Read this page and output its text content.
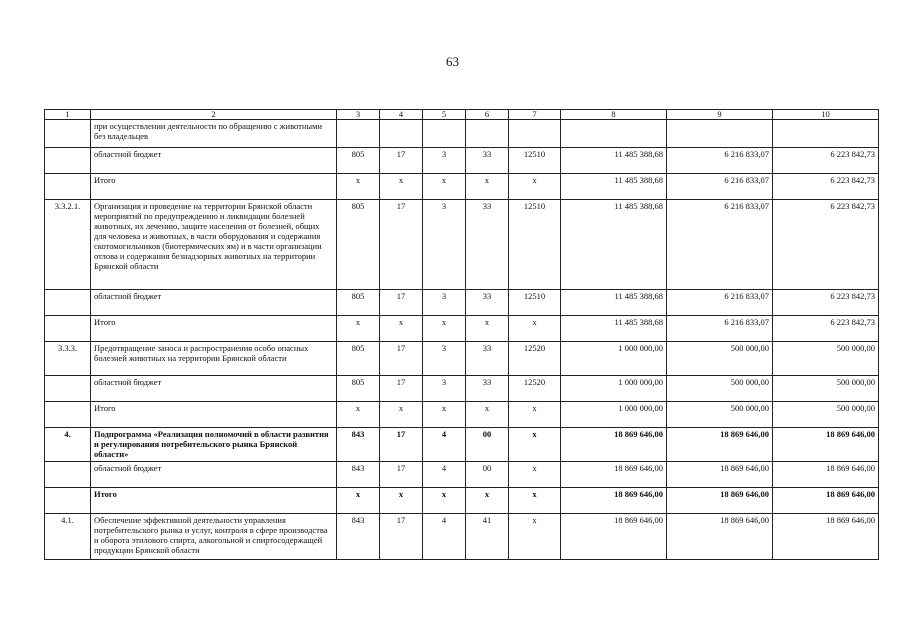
63
1	2	3	4	5	6	7	8	9	10
	при осуществлении деятельности по обращению с животными без владельцев								
	областной бюджет	805	17	3	33	12510	11 485 388,68	6 216 833,07	6 223 842,73
	Итого	х	х	х	х	х	11 485 388,68	6 216 833,07	6 223 842,73
3.3.2.1.	Организация и проведение на территории Брянской области мероприятий по предупреждению и ликвидации болезней животных, их лечению, защите населения от болезней, общих для человека и животных, в части оборудования и содержания скотомогильников (биотермических ям) и в части организации отлова и содержания безнадзорных животных на территории Брянской области	805	17	3	33	12510	11 485 388,68	6 216 833,07	6 223 842,73
	областной бюджет	805	17	3	33	12510	11 485 388,68	6 216 833,07	6 223 842,73
	Итого	х	х	х	х	х	11 485 388,68	6 216 833,07	6 223 842,73
3.3.3.	Предотвращение заноса и распространения особо опасных болезней животных на территории Брянской области	805	17	3	33	12520	1 000 000,00	500 000,00	500 000,00
	областной бюджет	805	17	3	33	12520	1 000 000,00	500 000,00	500 000,00
	Итого	х	х	х	х	х	1 000 000,00	500 000,00	500 000,00
4.	Подпрограмма «Реализация полномочий в области развития и регулирования потребительского рынка Брянской области»	843	17	4	00	х	18 869 646,00	18 869 646,00	18 869 646,00
	областной бюджет	843	17	4	00	х	18 869 646,00	18 869 646,00	18 869 646,00
	Итого	х	х	х	х	х	18 869 646,00	18 869 646,00	18 869 646,00
4.1.	Обеспечение эффективной деятельности управления потребительского рынка и услуг, контроля в сфере производства и оборота этилового спирта, алкогольной и спиртосодержащей продукции Брянской области	843	17	4	41	х	18 869 646,00	18 869 646,00	18 869 646,00
